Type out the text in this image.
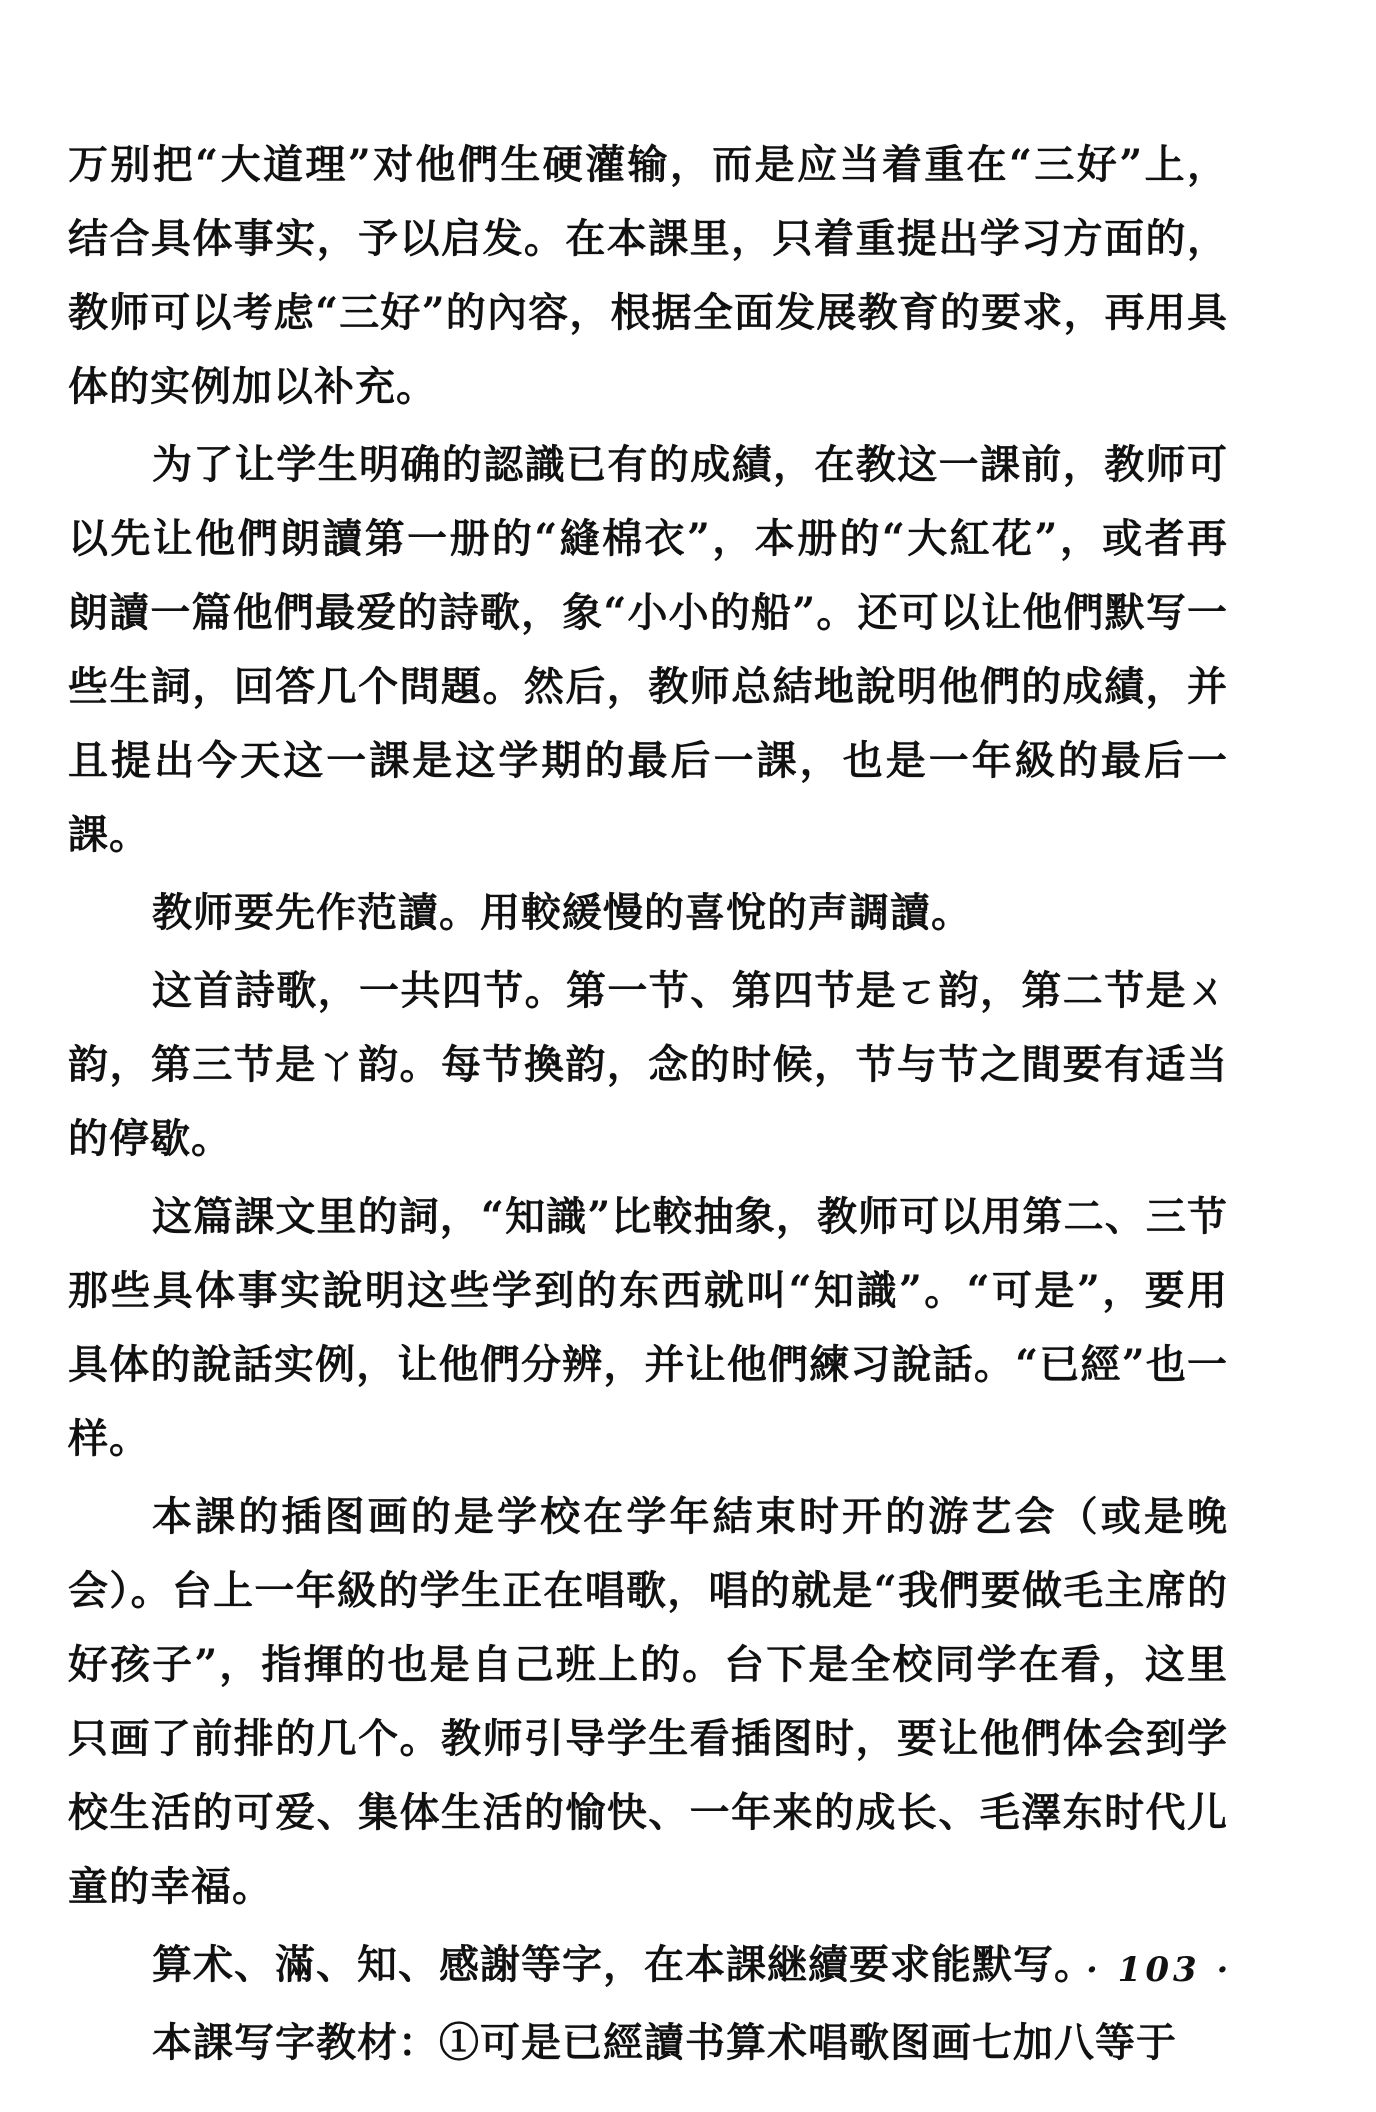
万别把“大道理”对他們生硬灌输，而是应当着重在“三好”上，结合具体事实，予以启发。在本課里，只着重提出学习方面的，教师可以考虑“三好”的內容，根据全面发展教育的要求，再用具体的实例加以补充。

为了让学生明确的認識已有的成績，在教这一課前，教师可以先让他們朗讀第一册的“縫棉衣”，本册的“大紅花”，或者再朗讀一篇他們最爱的詩歌，象“小小的船”。还可以让他們默写一些生詞，回答几个問題。然后，教师总結地說明他們的成績，并且提出今天这一課是这学期的最后一課，也是一年級的最后一課。

教师要先作范讀。用較緩慢的喜悅的声調讀。

这首詩歌，一共四节。第一节、第四节是ㄛ韵，第二节是ㄨ韵，第三节是ㄚ韵。每节換韵，念的时候，节与节之間要有适当的停歇。

这篇課文里的詞，“知識”比較抽象，教师可以用第二、三节那些具体事实說明这些学到的东西就叫“知識”。“可是”，要用具体的說話实例，让他們分辨，并让他們練习說話。“已經”也一样。

本課的插图画的是学校在学年結束时开的游艺会（或是晚会）。台上一年級的学生正在唱歌，唱的就是“我們要做毛主席的好孩子”，指揮的也是自己班上的。台下是全校同学在看，这里只画了前排的几个。教师引导学生看插图时，要让他們体会到学校生活的可爱、集体生活的愉快、一年来的成长、毛澤东时代儿童的幸福。

算术、滿、知、感謝等字，在本課継續要求能默写。

本課写字教材：①可是已經讀书算术唱歌图画七加八等于

· 103 ·
